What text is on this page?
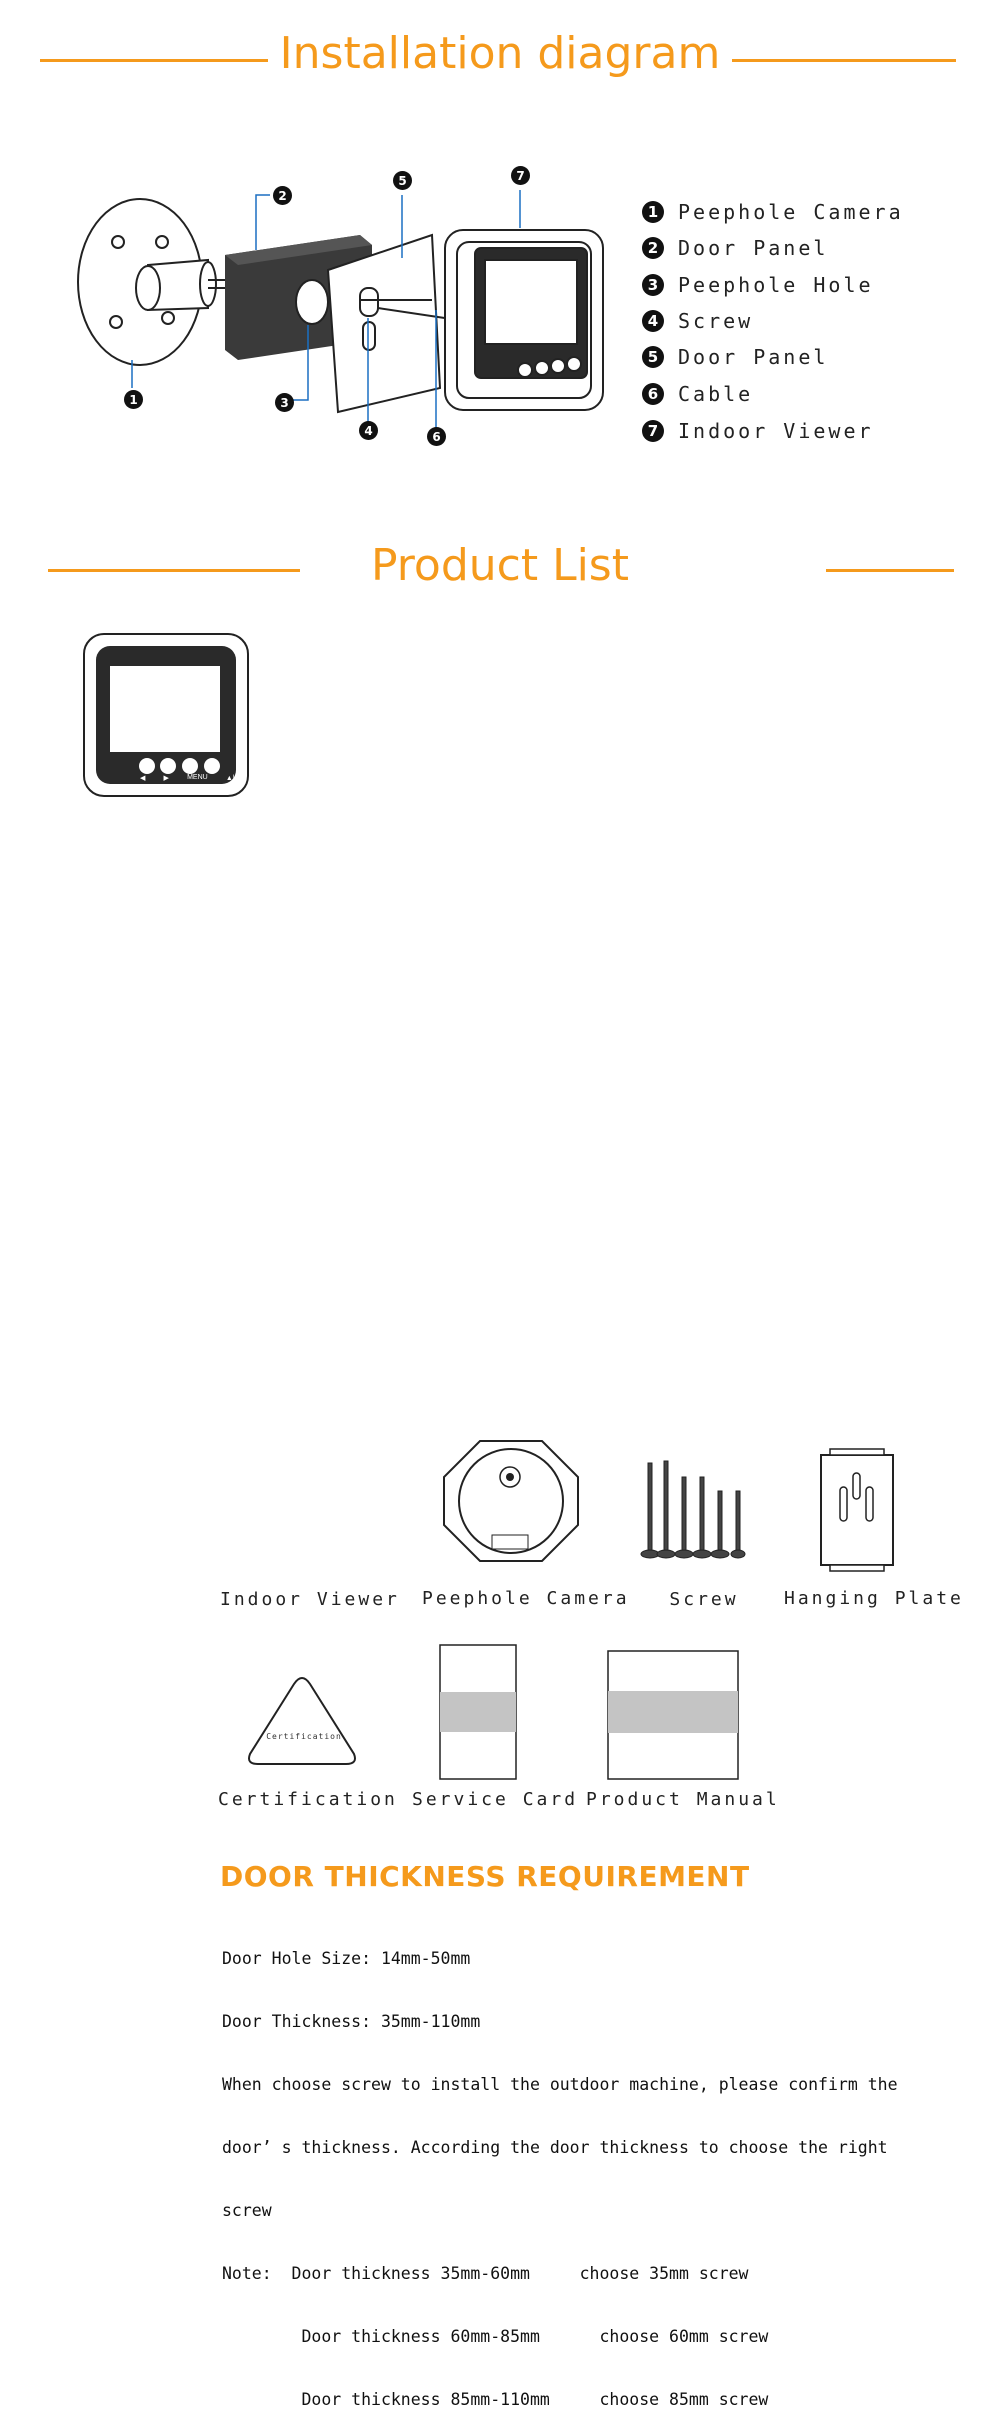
Installation diagram
1
2
3
4
5
6
7
1 Peephole Camera
2 Door Panel
3 Peephole Hole
4 Screw
5 Door Panel
6 Cable
7 Indoor Viewer
Product List
◀	▶	MENU	▲|◆
Certification
Indoor Viewer Peephole Camera	Screw	Hanging Plate
Certification Service Card Product Manual
DOOR THICKNESS REQUIREMENT

Door Hole Size: 14mm-50mm

Door Thickness: 35mm-110mm

When choose screw to install the outdoor machine, please confirm the

door’ s thickness. According the door thickness to choose the right

screw

Note:  Door thickness 35mm-60mm     choose 35mm screw

Door thickness 60mm-85mm      choose 60mm screw

Door thickness 85mm-110mm     choose 85mm screw
